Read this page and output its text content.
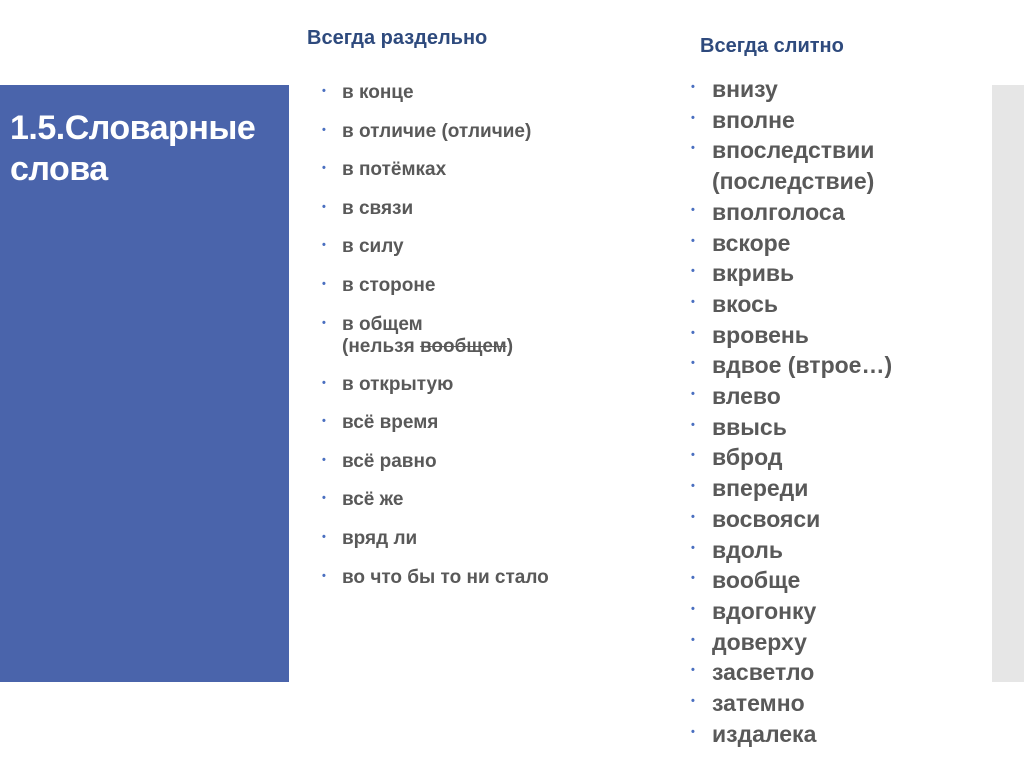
1.5.Словарные слова
Всегда раздельно	Всегда слитно
• в конце
• в отличие (отличие)
• в потёмках
• в связи
• в силу
• в стороне
• в общем
(нельзя вообщем)
• в открытую
• всё время
• всё равно
• всё же
• вряд ли
• во что бы то ни стало
• внизу
• вполне
• впоследствии (последствие)
• вполголоса
• вскоре
• вкривь
• вкось
• вровень
• вдвое (втрое…)
• влево
• ввысь
• вброд
• впереди
• восвояси
• вдоль
• вообще
• вдогонку
• доверху
• засветло
• затемно
• издалека
